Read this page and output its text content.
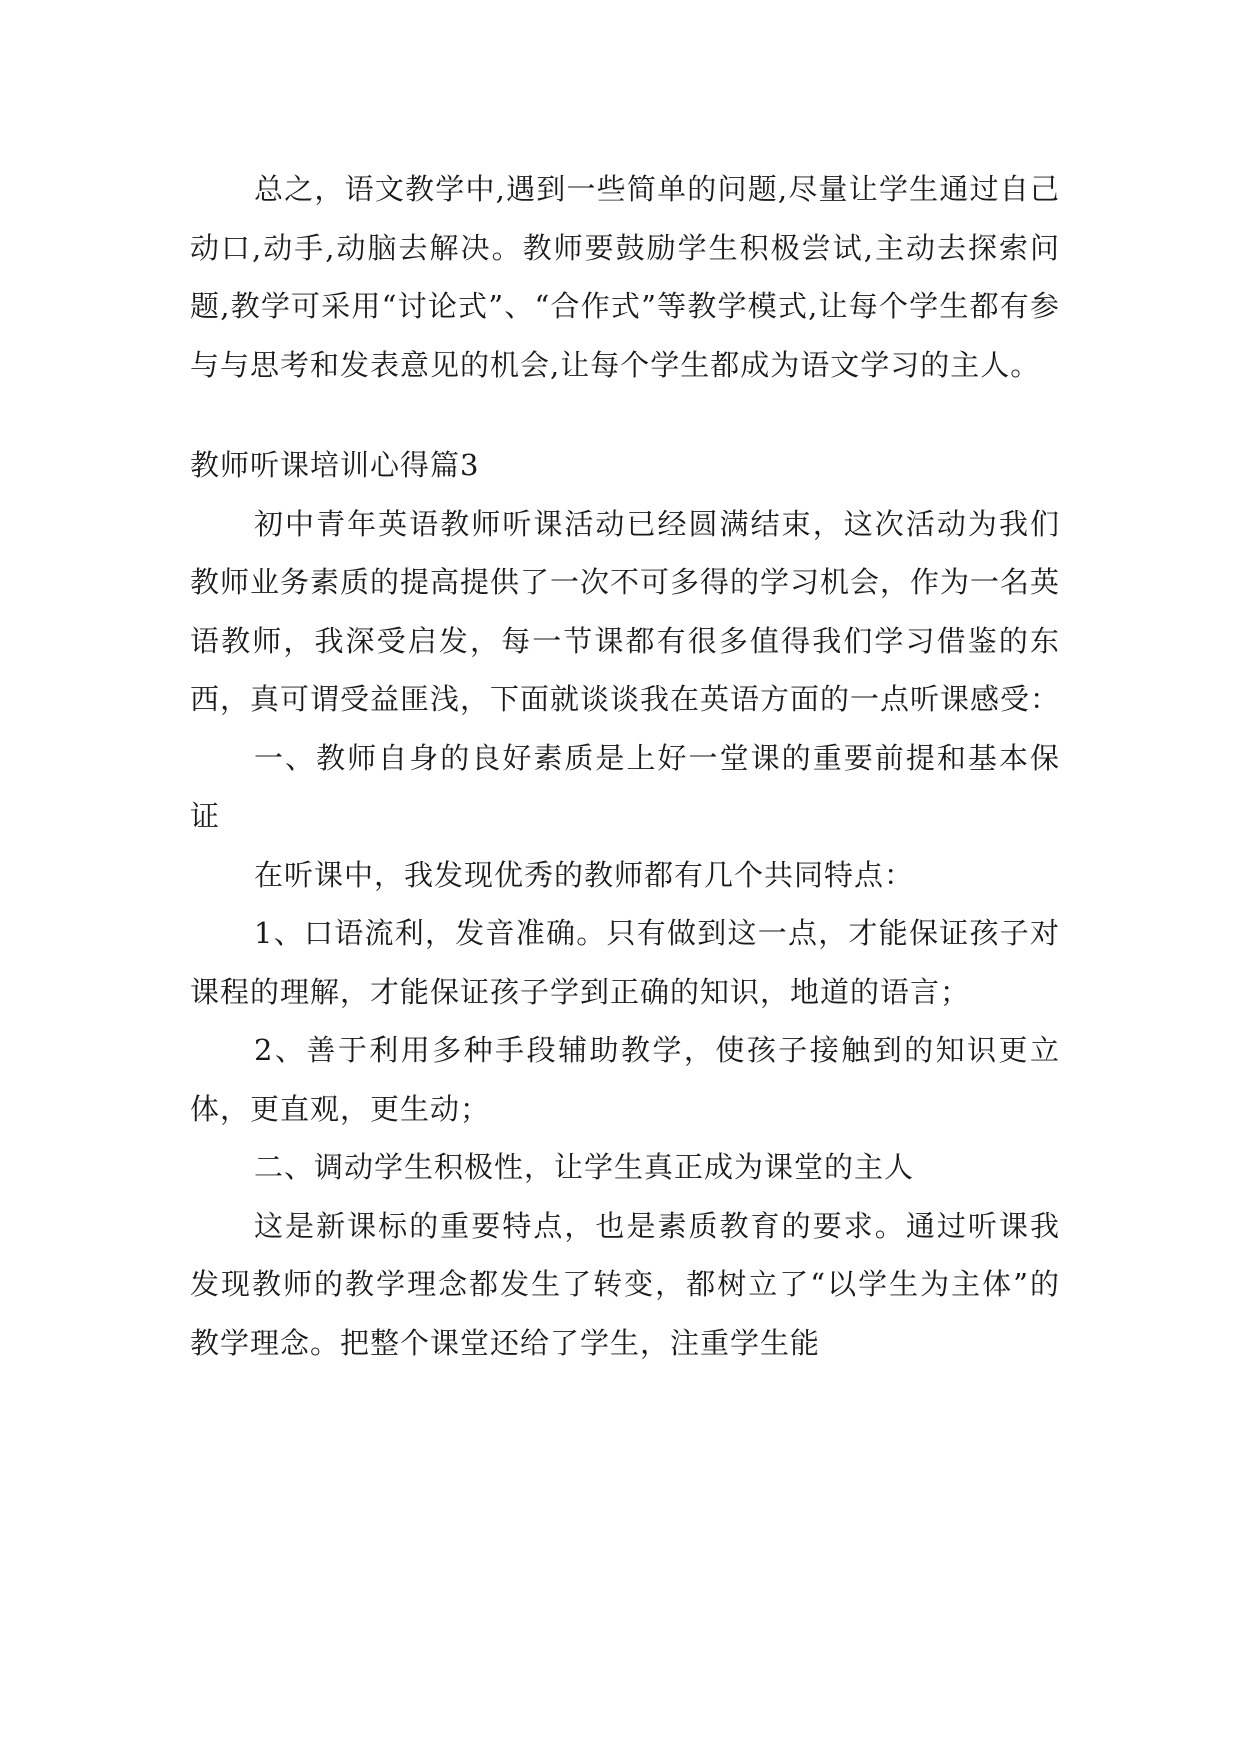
总之，语文教学中,遇到一些简单的问题,尽量让学生通过自己动口,动手,动脑去解决。教师要鼓励学生积极尝试,主动去探索问题,教学可采用“讨论式”、“合作式”等教学模式,让每个学生都有参与与思考和发表意见的机会,让每个学生都成为语文学习的主人。

教师听课培训心得篇3

初中青年英语教师听课活动已经圆满结束，这次活动为我们教师业务素质的提高提供了一次不可多得的学习机会，作为一名英语教师，我深受启发，每一节课都有很多值得我们学习借鉴的东西，真可谓受益匪浅，下面就谈谈我在英语方面的一点听课感受：

一、教师自身的良好素质是上好一堂课的重要前提和基本保证

在听课中，我发现优秀的教师都有几个共同特点：

1、口语流利，发音准确。只有做到这一点，才能保证孩子对课程的理解，才能保证孩子学到正确的知识，地道的语言；

2、善于利用多种手段辅助教学，使孩子接触到的知识更立体，更直观，更生动；

二、调动学生积极性，让学生真正成为课堂的主人

这是新课标的重要特点，也是素质教育的要求。通过听课我发现教师的教学理念都发生了转变，都树立了“以学生为主体”的教学理念。把整个课堂还给了学生，注重学生能
